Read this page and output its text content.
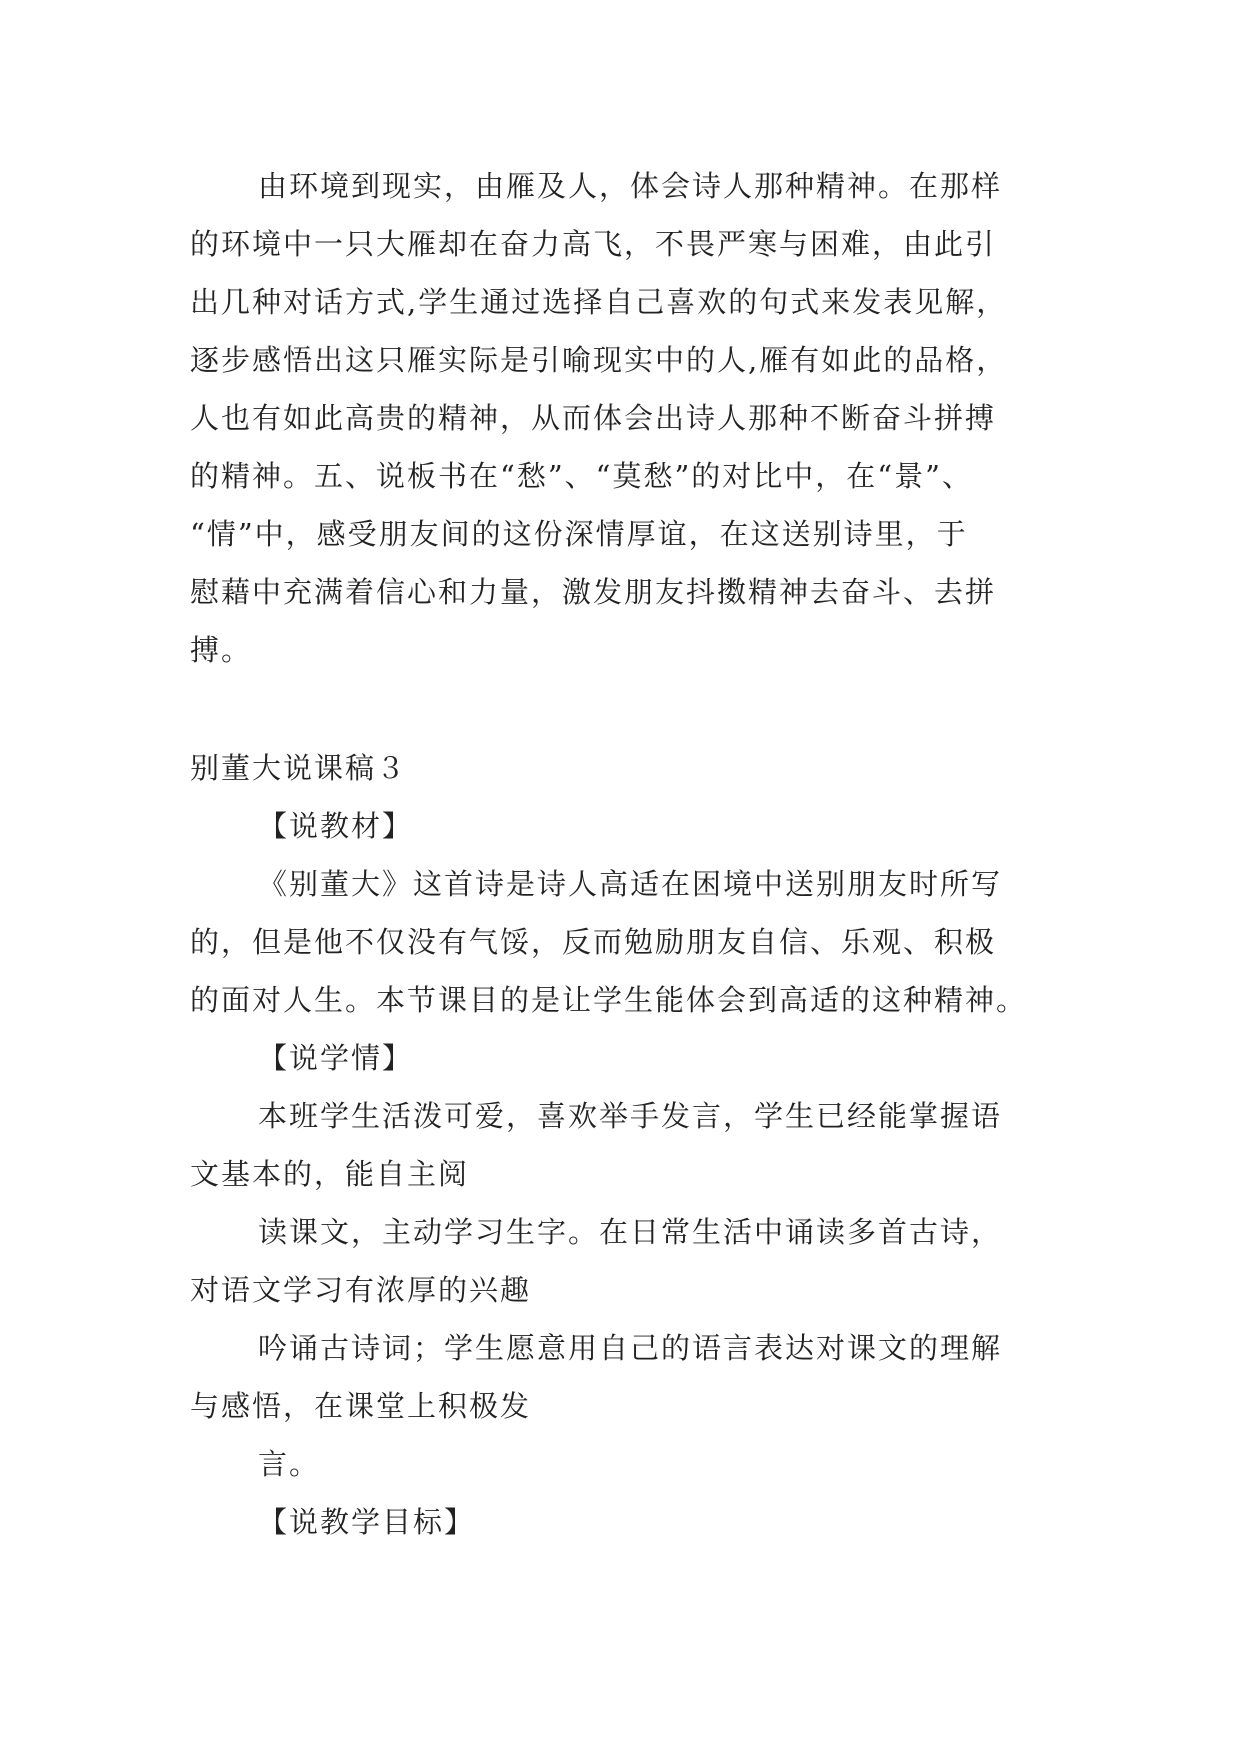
由环境到现实，由雁及人，体会诗人那种精神。在那样
的环境中一只大雁却在奋力高飞，不畏严寒与困难，由此引
出几种对话方式,学生通过选择自己喜欢的句式来发表见解，
逐步感悟出这只雁实际是引喻现实中的人,雁有如此的品格，
人也有如此高贵的精神，从而体会出诗人那种不断奋斗拼搏
的精神。五、说板书在“愁”、“莫愁”的对比中，在“景”、
“情”中，感受朋友间的这份深情厚谊，在这送别诗里，于
慰藉中充满着信心和力量，激发朋友抖擞精神去奋斗、去拼
搏。
别董大说课稿３
【说教材】
《别董大》这首诗是诗人高适在困境中送别朋友时所写
的，但是他不仅没有气馁，反而勉励朋友自信、乐观、积极
的面对人生。本节课目的是让学生能体会到高适的这种精神。
【说学情】
本班学生活泼可爱，喜欢举手发言，学生已经能掌握语
文基本的，能自主阅
读课文，主动学习生字。在日常生活中诵读多首古诗，
对语文学习有浓厚的兴趣
吟诵古诗词；学生愿意用自己的语言表达对课文的理解
与感悟，在课堂上积极发
言。
【说教学目标】
